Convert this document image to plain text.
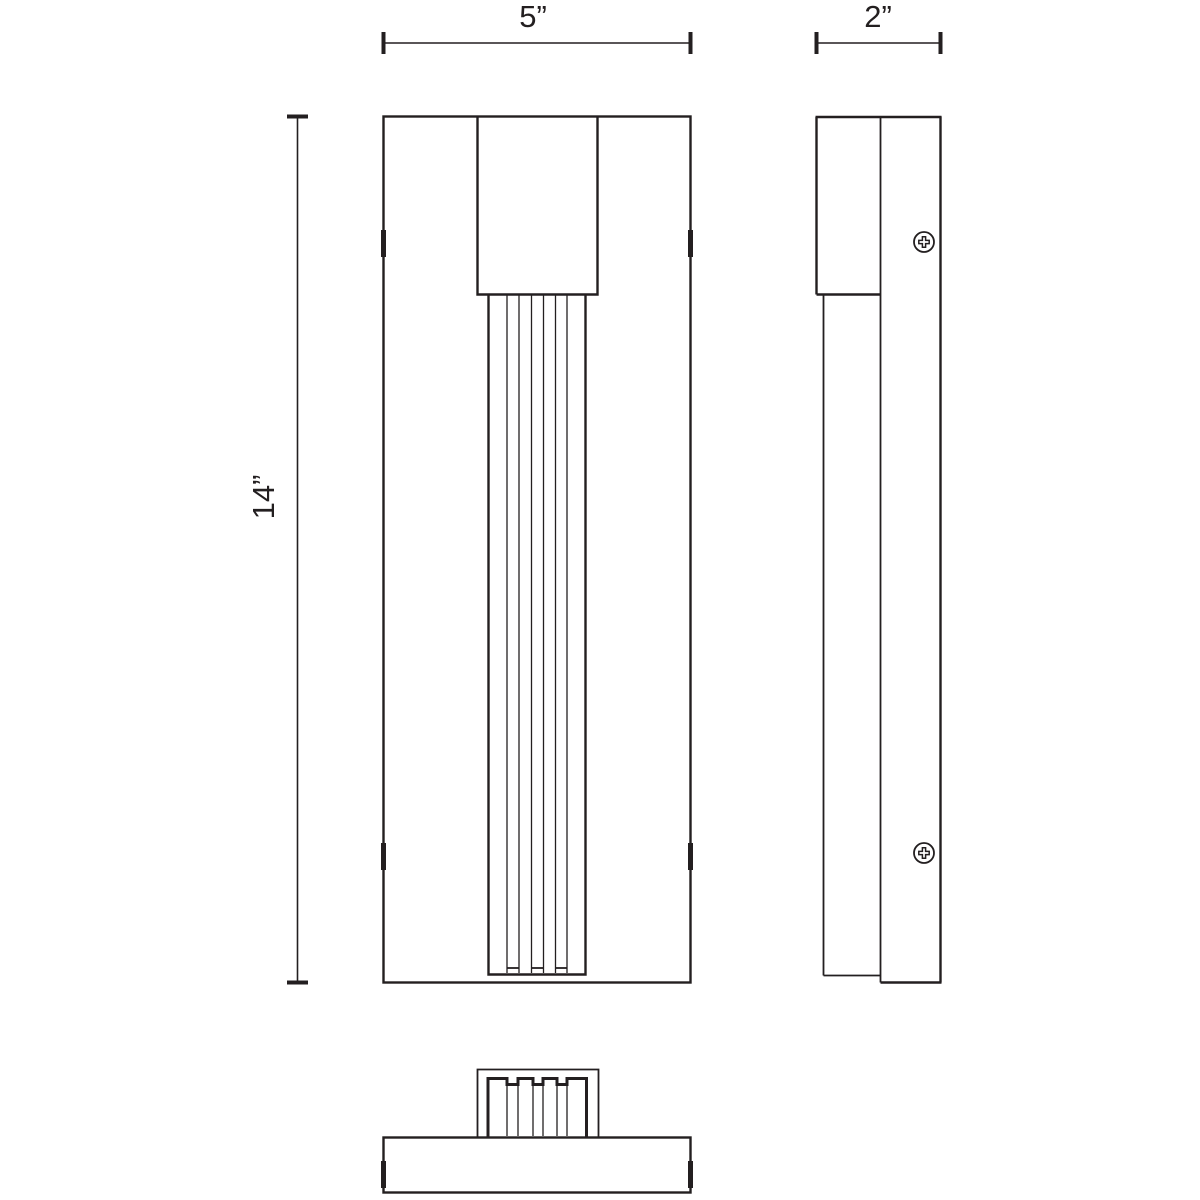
5”	2”
14”
